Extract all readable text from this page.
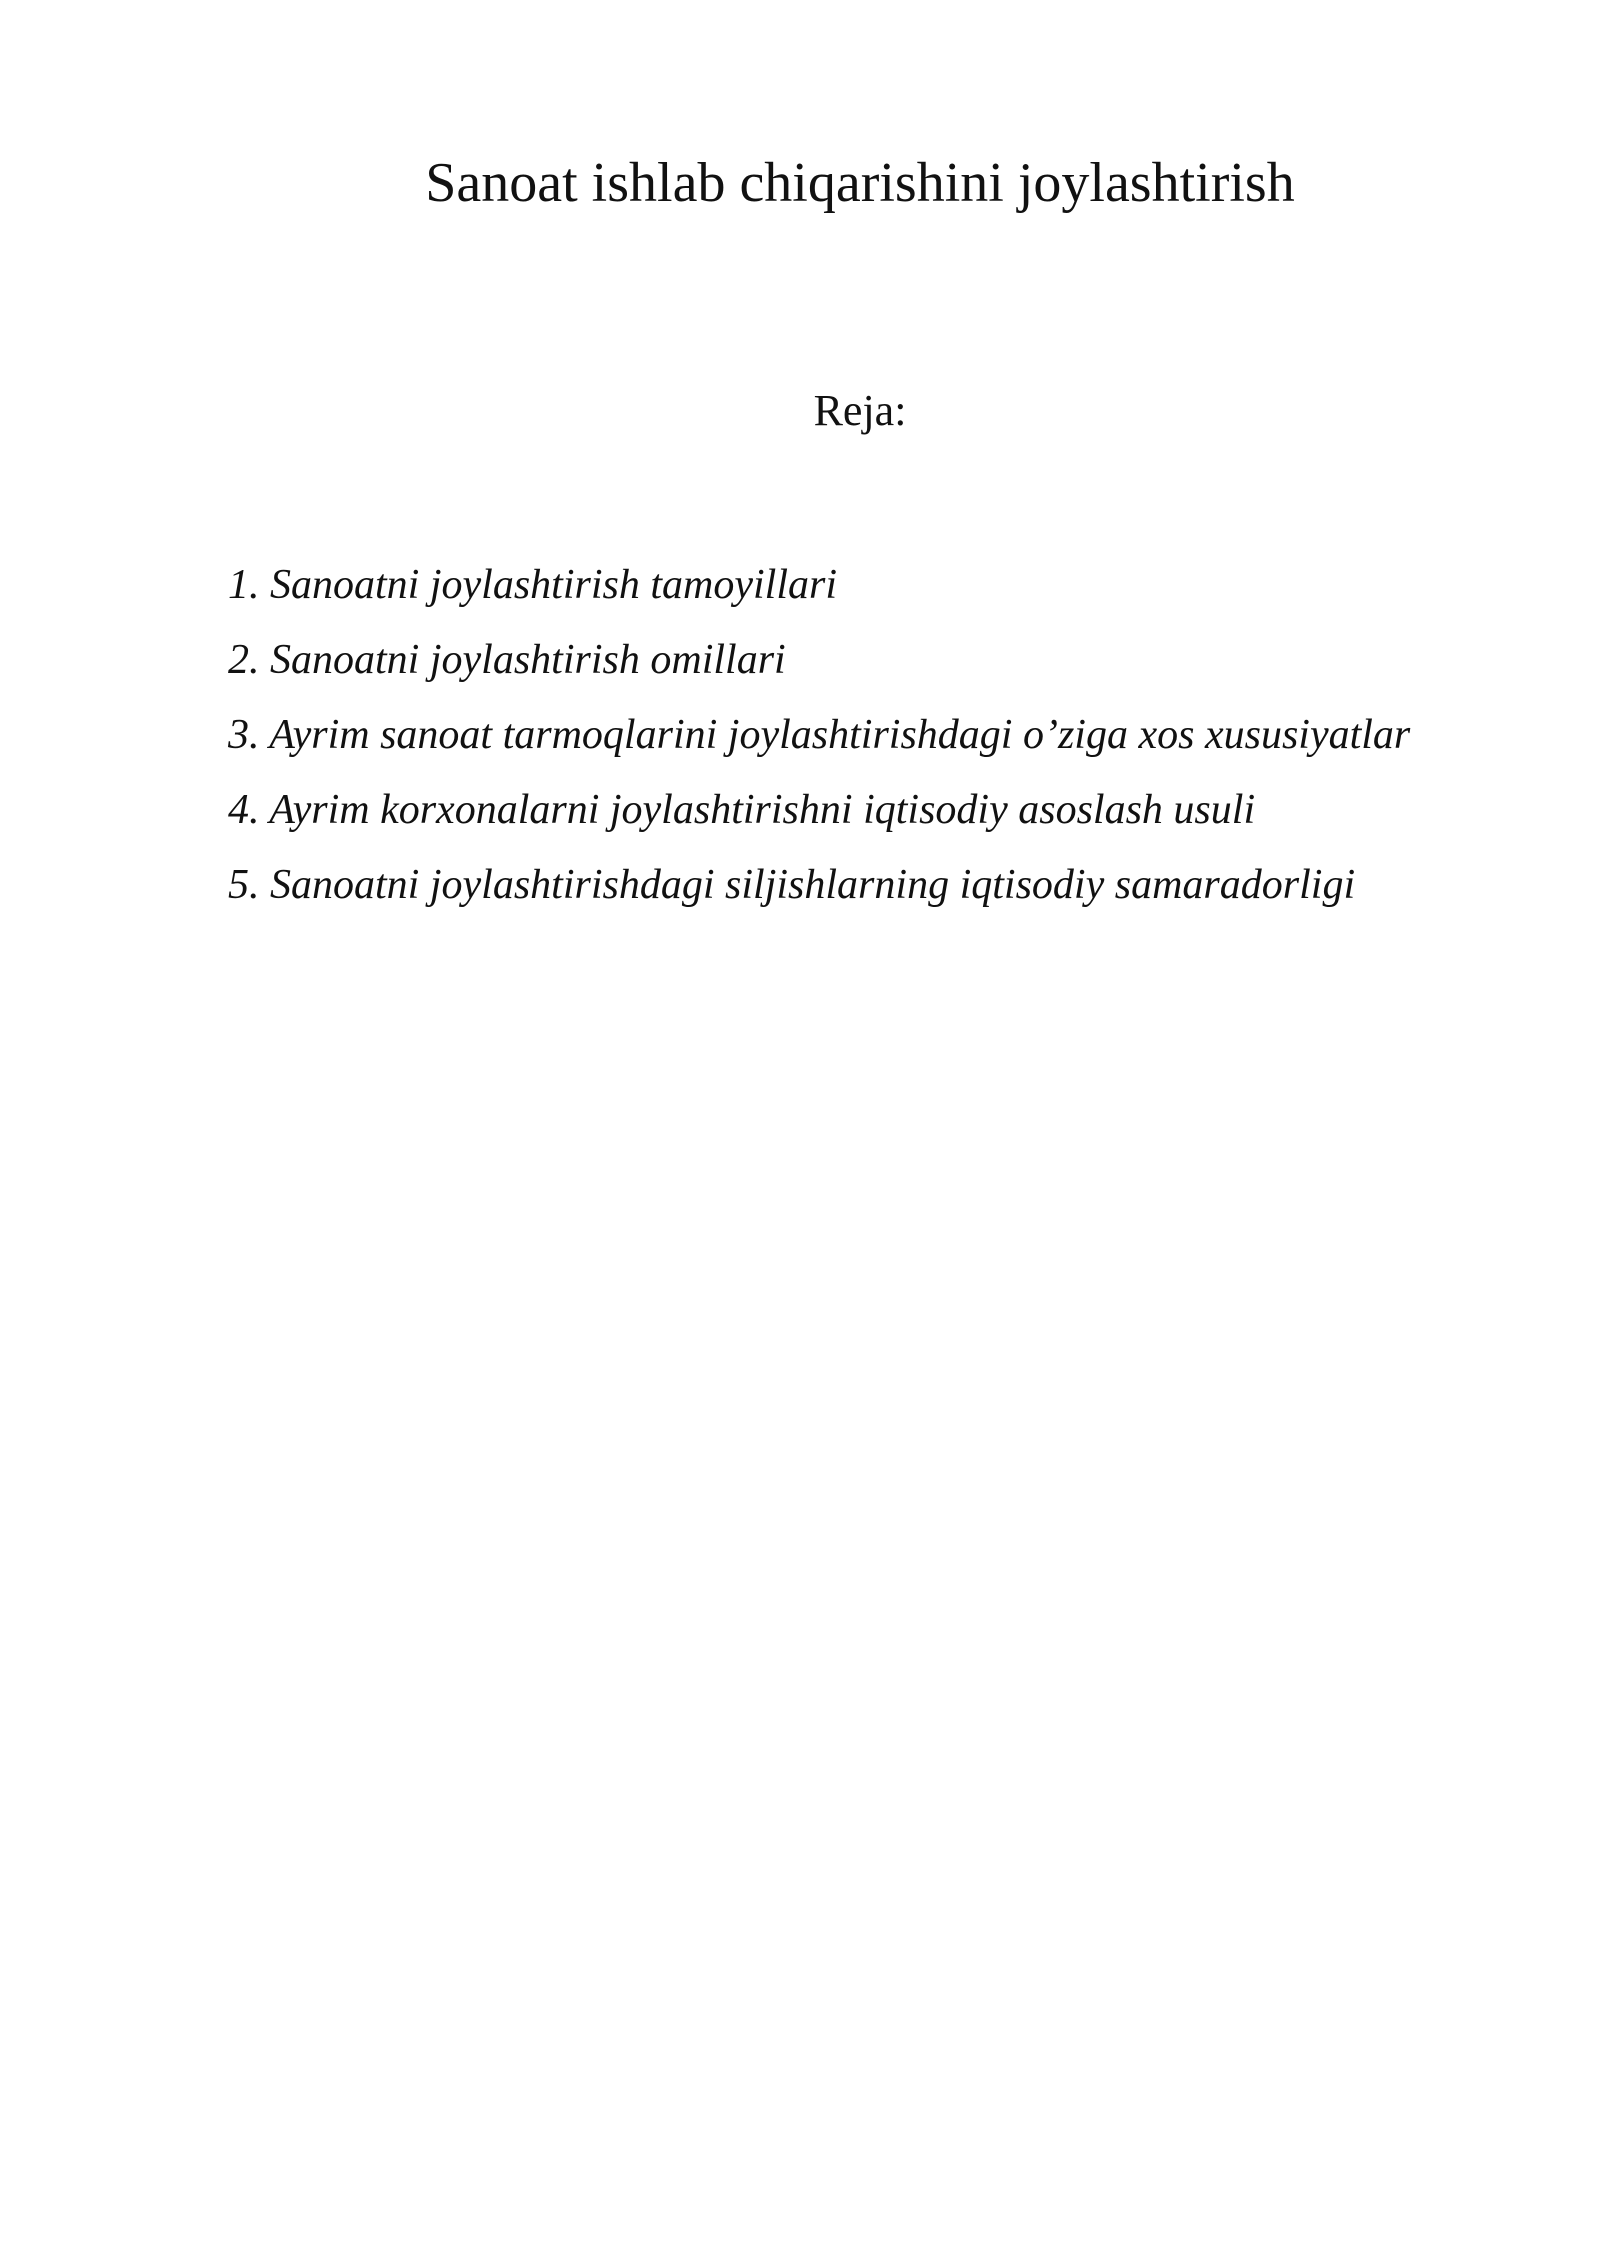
Sanoat ishlab chiqarishini joylashtirish
Reja:
1. Sanoatni joylashtirish tamoyillari
2. Sanoatni joylashtirish omillari
3. Ayrim sanoat tarmoqlarini joylashtirishdagi o’ziga xos xususiyatlar
4. Ayrim korxonalarni joylashtirishni iqtisodiy asoslash usuli
5. Sanoatni joylashtirishdagi siljishlarning iqtisodiy samaradorligi
